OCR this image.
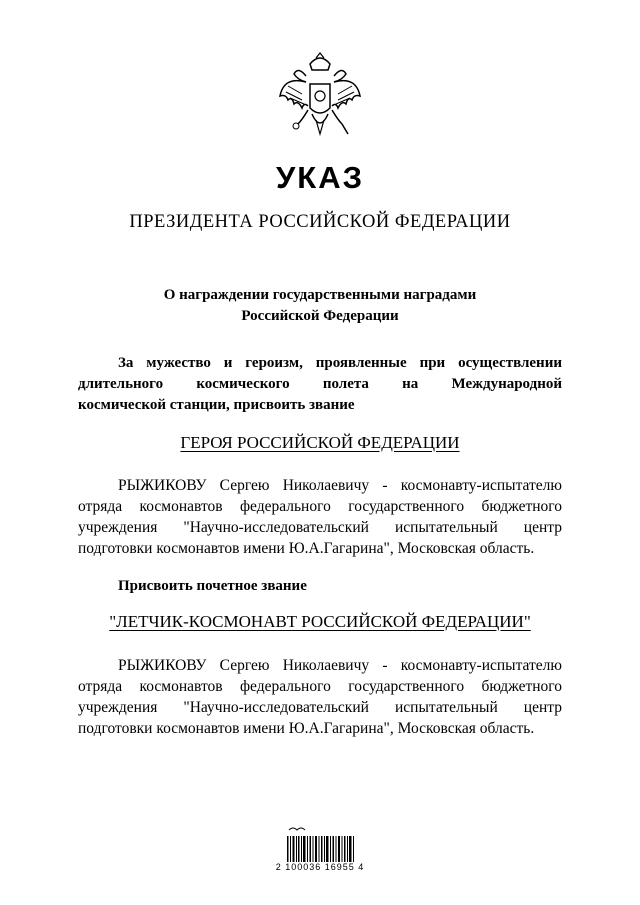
УКАЗ
ПРЕЗИДЕНТА РОССИЙСКОЙ ФЕДЕРАЦИИ
О награждении государственными наградами
Российской Федерации
За мужество и героизм, проявленные при осуществлении
длительного космического полета на Международной
космической станции, присвоить звание
ГЕРОЯ РОССИЙСКОЙ ФЕДЕРАЦИИ
РЫЖИКОВУ Сергею Николаевичу - космонавту-испытателю
отряда космонавтов федерального государственного бюджетного
учреждения "Научно-исследовательский испытательный центр
подготовки космонавтов имени Ю.А.Гагарина", Московская область.
Присвоить почетное звание
"ЛЕТЧИК-КОСМОНАВТ РОССИЙСКОЙ ФЕДЕРАЦИИ"
РЫЖИКОВУ Сергею Николаевичу - космонавту-испытателю
отряда космонавтов федерального государственного бюджетного
учреждения "Научно-исследовательский испытательный центр
подготовки космонавтов имени Ю.А.Гагарина", Московская область.
2 100036 16955 4
